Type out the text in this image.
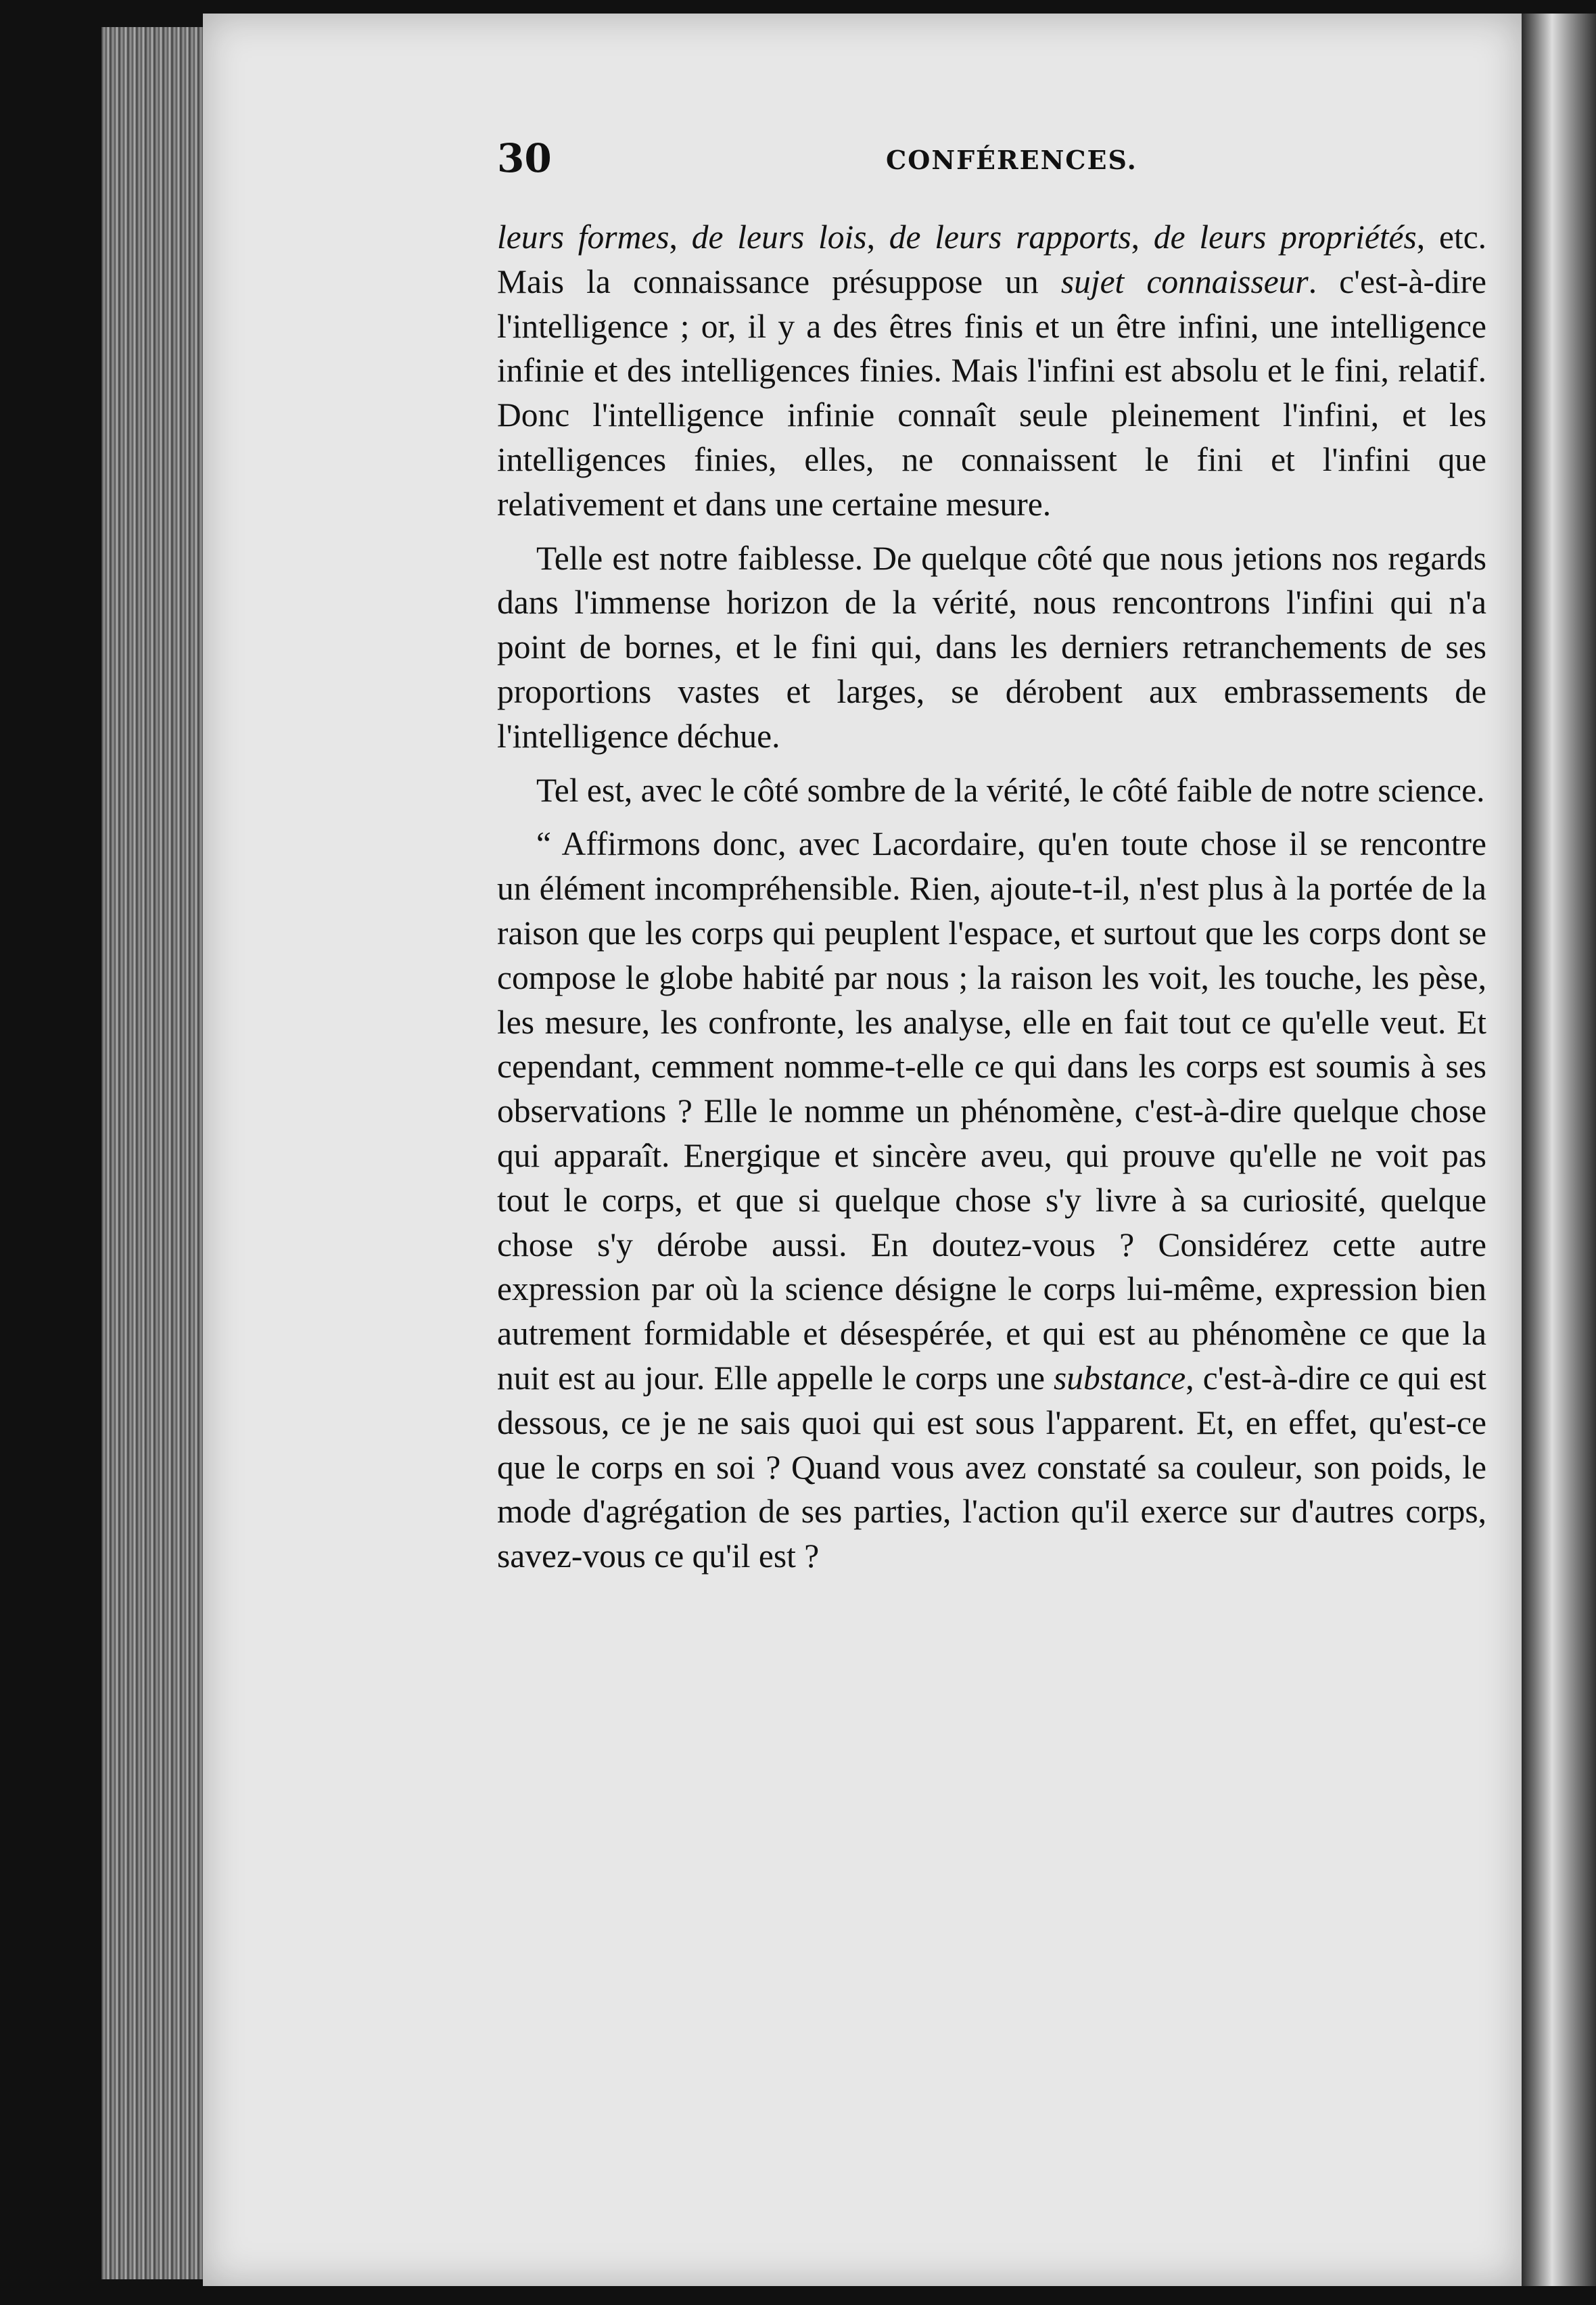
30	CONFÉRENCES.

leurs formes, de leurs lois, de leurs rapports, de leurs propriétés, etc. Mais la connaissance présuppose un sujet connaisseur. c'est-à-dire l'intelligence ; or, il y a des êtres finis et un être infini, une intelligence infinie et des intelligences finies. Mais l'infini est absolu et le fini, relatif. Donc l'intelligence infinie connaît seule pleinement l'infini, et les intelligences finies, elles, ne connaissent le fini et l'infini que relativement et dans une certaine mesure.

Telle est notre faiblesse. De quelque côté que nous jetions nos regards dans l'immense horizon de la vérité, nous rencontrons l'infini qui n'a point de bornes, et le fini qui, dans les derniers retranchements de ses proportions vastes et larges, se dérobent aux embrassements de l'intelligence déchue.

Tel est, avec le côté sombre de la vérité, le côté faible de notre science.

“ Affirmons donc, avec Lacordaire, qu'en toute chose il se rencontre un élément incompréhensible. Rien, ajoute-t-il, n'est plus à la portée de la raison que les corps qui peuplent l'espace, et surtout que les corps dont se compose le globe habité par nous ; la raison les voit, les touche, les pèse, les mesure, les confronte, les analyse, elle en fait tout ce qu'elle veut. Et cependant, cemment nomme-t-elle ce qui dans les corps est soumis à ses observations ? Elle le nomme un phénomène, c'est-à-dire quelque chose qui apparaît. Energique et sincère aveu, qui prouve qu'elle ne voit pas tout le corps, et que si quelque chose s'y livre à sa curiosité, quelque chose s'y dérobe aussi. En doutez-vous ? Considérez cette autre expression par où la science désigne le corps lui-même, expression bien autrement formidable et désespérée, et qui est au phénomène ce que la nuit est au jour. Elle appelle le corps une substance, c'est-à-dire ce qui est dessous, ce je ne sais quoi qui est sous l'apparent. Et, en effet, qu'est-ce que le corps en soi ? Quand vous avez constaté sa couleur, son poids, le mode d'agrégation de ses parties, l'action qu'il exerce sur d'autres corps, savez-vous ce qu'il est ?
